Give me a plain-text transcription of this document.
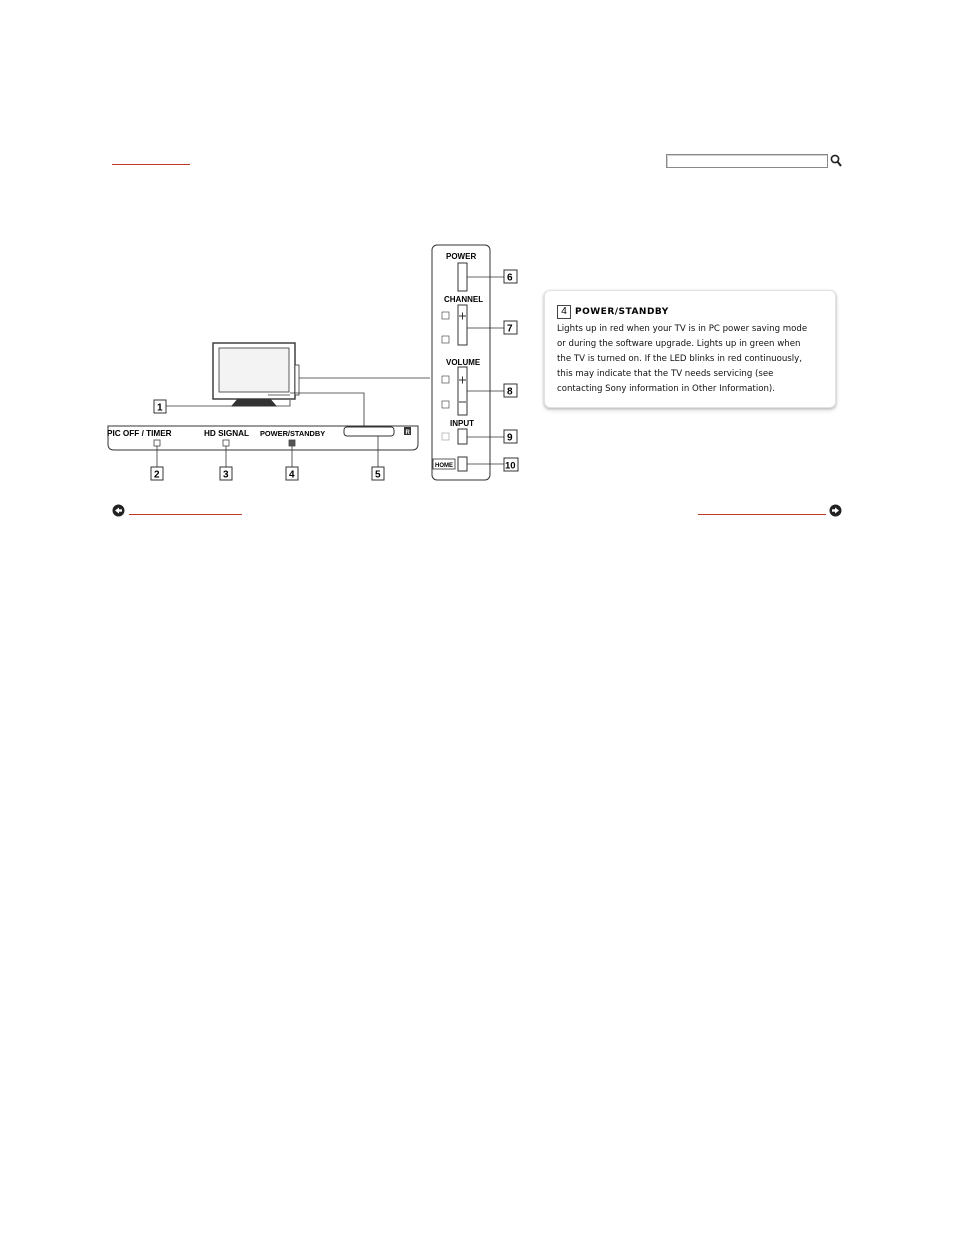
PIC OFF / TIMER	HD SIGNAL POWER/STANDBY	R
1
2	3	4	5
POWER
CHANNEL
VOLUME
INPUT
HOME
6
7
8
9
10
4 POWER/STANDBY
Lights up in red when your TV is in PC power saving mode
or during the software upgrade. Lights up in green when
the TV is turned on. If the LED blinks in red continuously,
this may indicate that the TV needs servicing (see
contacting Sony information in Other Information).
